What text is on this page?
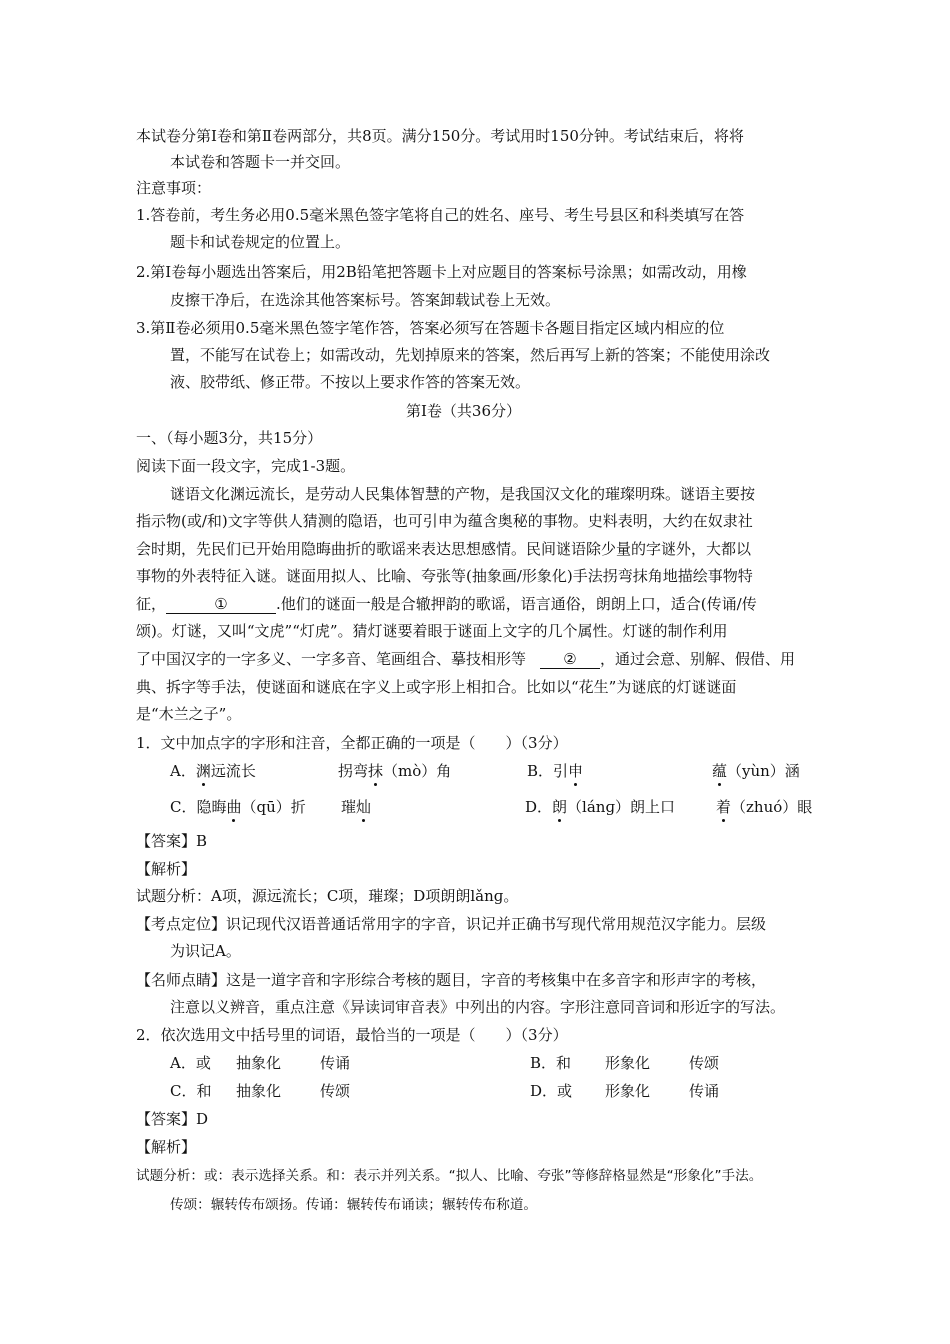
本试卷分第Ⅰ卷和第Ⅱ卷两部分，共8页。满分150分。考试用时150分钟。考试结束后，将将
本试卷和答题卡一并交回。
注意事项：
1.答卷前，考生务必用0.5毫米黑色签字笔将自己的姓名、座号、考生号县区和科类填写在答
题卡和试卷规定的位置上。
2.第Ⅰ卷每小题选出答案后，用2B铅笔把答题卡上对应题目的答案标号涂黑；如需改动，用橡
皮擦干净后，在选涂其他答案标号。答案卸载试卷上无效。
3.第Ⅱ卷必须用0.5毫米黑色签字笔作答，答案必须写在答题卡各题目指定区域内相应的位
置，不能写在试卷上；如需改动，先划掉原来的答案，然后再写上新的答案；不能使用涂改
液、胶带纸、修正带。不按以上要求作答的答案无效。
第Ⅰ卷（共36分）
一、（每小题3分，共15分）
阅读下面一段文字，完成1-3题。
谜语文化渊远流长，是劳动人民集体智慧的产物，是我国汉文化的璀璨明珠。谜语主要按
指示物(或/和)文字等供人猜测的隐语，也可引申为蕴含奥秘的事物。史料表明，大约在奴隶社
会时期，先民们已开始用隐晦曲折的歌谣来表达思想感情。民间谜语除少量的字谜外，大都以
事物的外表特征入谜。谜面用拟人、比喻、夸张等(抽象画/形象化)手法拐弯抹角地描绘事物特
征，	①	.他们的谜面一般是合辙押韵的歌谣，语言通俗，朗朗上口，适合(传诵/传
颂)。灯谜，又叫“文虎”“灯虎”。猜灯谜要着眼于谜面上文字的几个属性。灯谜的制作利用
了中国汉字的一字多义、一字多音、笔画组合、摹技相形等 ② ，通过会意、别解、假借、用
典、拆字等手法，使谜面和谜底在字义上或字形上相扣合。比如以“花生”为谜底的灯谜谜面
是“木兰之子”。
1．文中加点字的字形和注音，全都正确的一项是（　　）（3分）
A．渊远流长	拐弯抹（mò）角	B．引申	蕴（yùn）涵
C．隐晦曲（qū）折 璀灿	D．朗（lánɡ）朗上口	着（zhuó）眼
【答案】B
【解析】
试题分析：A项，源远流长；C项，璀璨；D项朗朗lǎnɡ。
【考点定位】识记现代汉语普通话常用字的字音，识记并正确书写现代常用规范汉字能力。层级
为识记A。
【名师点睛】这是一道字音和字形综合考核的题目，字音的考核集中在多音字和形声字的考核，
注意以义辨音，重点注意《异读词审音表》中列出的内容。字形注意同音词和形近字的写法。
2．依次选用文中括号里的词语，最恰当的一项是（　　）（3分）
A．或 抽象化	传诵	B．和 形象化	传颂
C．和 抽象化	传颂	D．或 形象化	传诵
【答案】D
【解析】
试题分析：或：表示选择关系。和：表示并列关系。“拟人、比喻、夸张”等修辞格显然是“形象化”手法。
传颂：辗转传布颂扬。传诵：辗转传布诵读；辗转传布称道。
